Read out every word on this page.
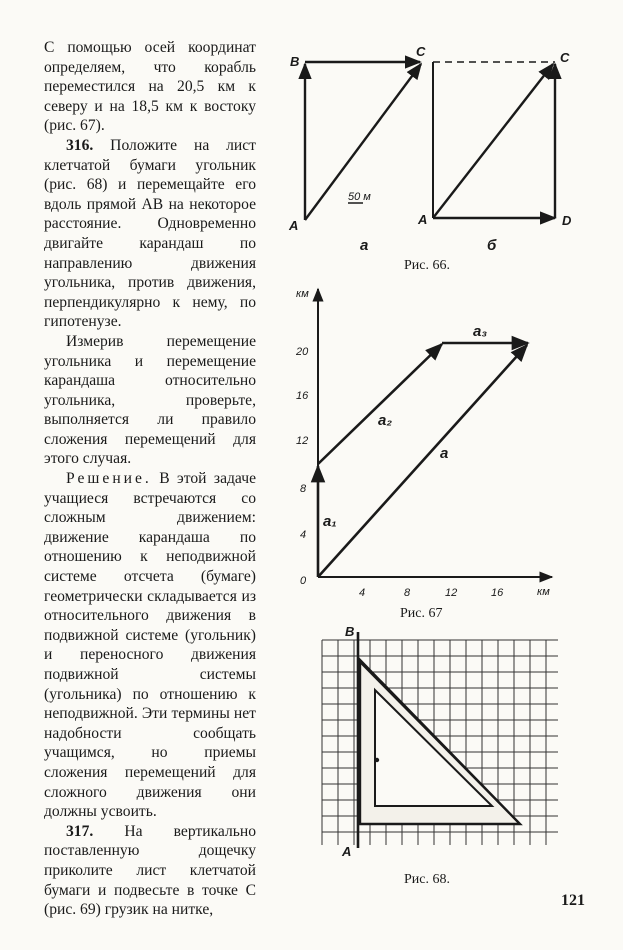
С помощью осей координат определяем, что корабль переместился на 20,5 км к северу и на 18,5 км к востоку (рис. 67).

316. Положите на лист клетчатой бумаги угольник (рис. 68) и перемещайте его вдоль прямой AB на некоторое расстояние. Одновременно двигайте карандаш по направлению движения угольника, против движения, перпендикулярно к нему, по гипотенузе.

Измерив перемещение угольника и перемещение карандаша относительно угольника, проверьте, выполняется ли правило сложения перемещений для этого случая.

Решение. В этой задаче учащиеся встречаются со сложным движением: движение карандаша по отношению к неподвижной системе отсчета (бумаге) геометрически складывается из относительного движения в подвижной системе (угольник) и переносного движения подвижной системы (угольника) по отношению к неподвижной. Эти термины нет надобности сообщать учащимся, но приемы сложения перемещений для сложного движения они должны усвоить.

317. На вертикально поставленную дощечку приколите лист клетчатой бумаги и подвесьте в точке С (рис. 69) грузик на нитке,

B
C
A
50 м
а
C
A	D
б
км
км
20
16
12
8
4
0
4	8	12	16
a₁
a₂
a₃
a
B
A
Рис. 66.
Рис. 67
Рис. 68.
121
